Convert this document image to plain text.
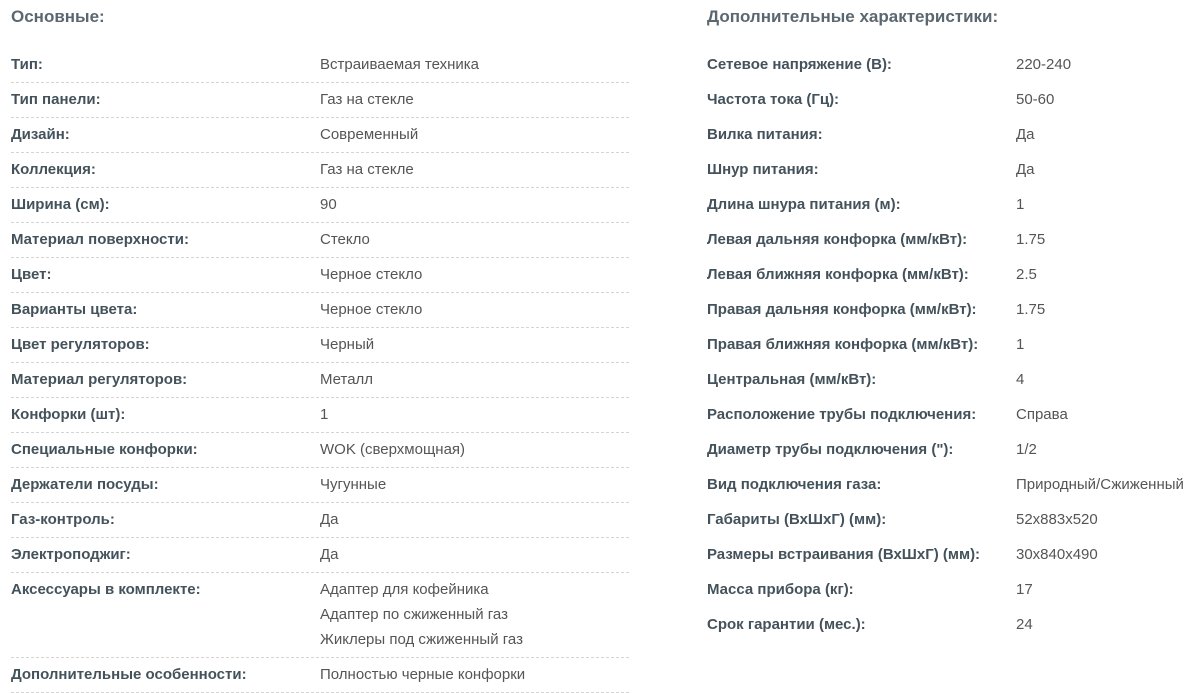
Основные:
Тип:	Встраиваемая техника
Тип панели:	Газ на стекле
Дизайн:	Современный
Коллекция:	Газ на стекле
Ширина (см):	90
Материал поверхности:	Стекло
Цвет:	Черное стекло
Варианты цвета:	Черное стекло
Цвет регуляторов:	Черный
Материал регуляторов:	Металл
Конфорки (шт):	1
Специальные конфорки:	WOK (сверхмощная)
Держатели посуды:	Чугунные
Газ-контроль:	Да
Электроподжиг:	Да
Аксессуары в комплекте:	Адаптер для кофейника
Адаптер по сжиженный газ
Жиклеры под сжиженный газ
Дополнительные особенности:	Полностью черные конфорки
Дополнительные характеристики:
Сетевое напряжение (В):	220-240
Частота тока (Гц):	50-60
Вилка питания:	Да
Шнур питания:	Да
Длина шнура питания (м):	1
Левая дальняя конфорка (мм/кВт):	1.75
Левая ближняя конфорка (мм/кВт):	2.5
Правая дальняя конфорка (мм/кВт):	1.75
Правая ближняя конфорка (мм/кВт):	1
Центральная (мм/кВт):	4
Расположение трубы подключения:	Справа
Диаметр трубы подключения ("):	1/2
Вид подключения газа:	Природный/Сжиженный
Габариты (ВхШхГ) (мм):	52x883x520
Размеры встраивания (ВхШхГ) (мм):	30x840x490
Масса прибора (кг):	17
Срок гарантии (мес.):	24
